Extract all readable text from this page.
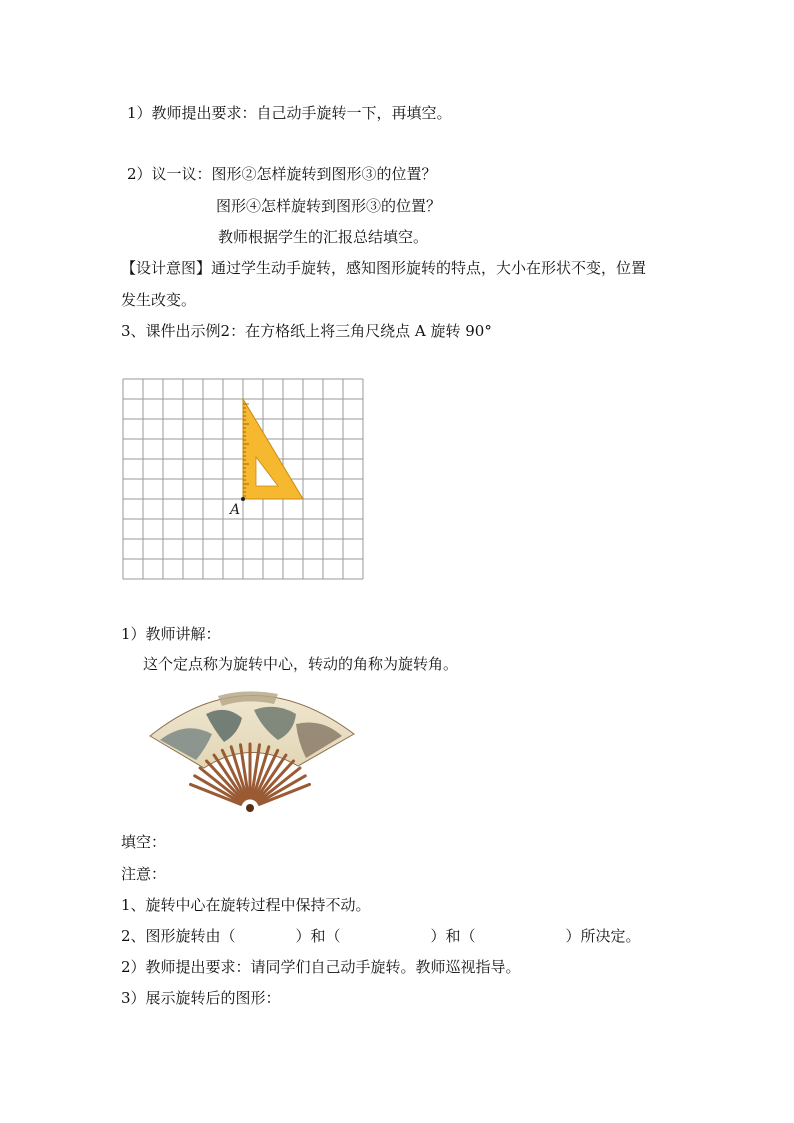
1）教师提出要求：自己动手旋转一下，再填空。
2）议一议：图形②怎样旋转到图形③的位置？
图形④怎样旋转到图形③的位置？
教师根据学生的汇报总结填空。
【设计意图】通过学生动手旋转，感知图形旋转的特点，大小在形状不变，位置
发生改变。
3、课件出示例2：在方格纸上将三角尺绕点 A 旋转 90°
A
1）教师讲解：
这个定点称为旋转中心，转动的角称为旋转角。
填空：
注意：
1、旋转中心在旋转过程中保持不动。
2、图形旋转由（　　　　）和（　　　　　　）和（　　　　　　）所决定。
2）教师提出要求：请同学们自己动手旋转。教师巡视指导。
3）展示旋转后的图形：
